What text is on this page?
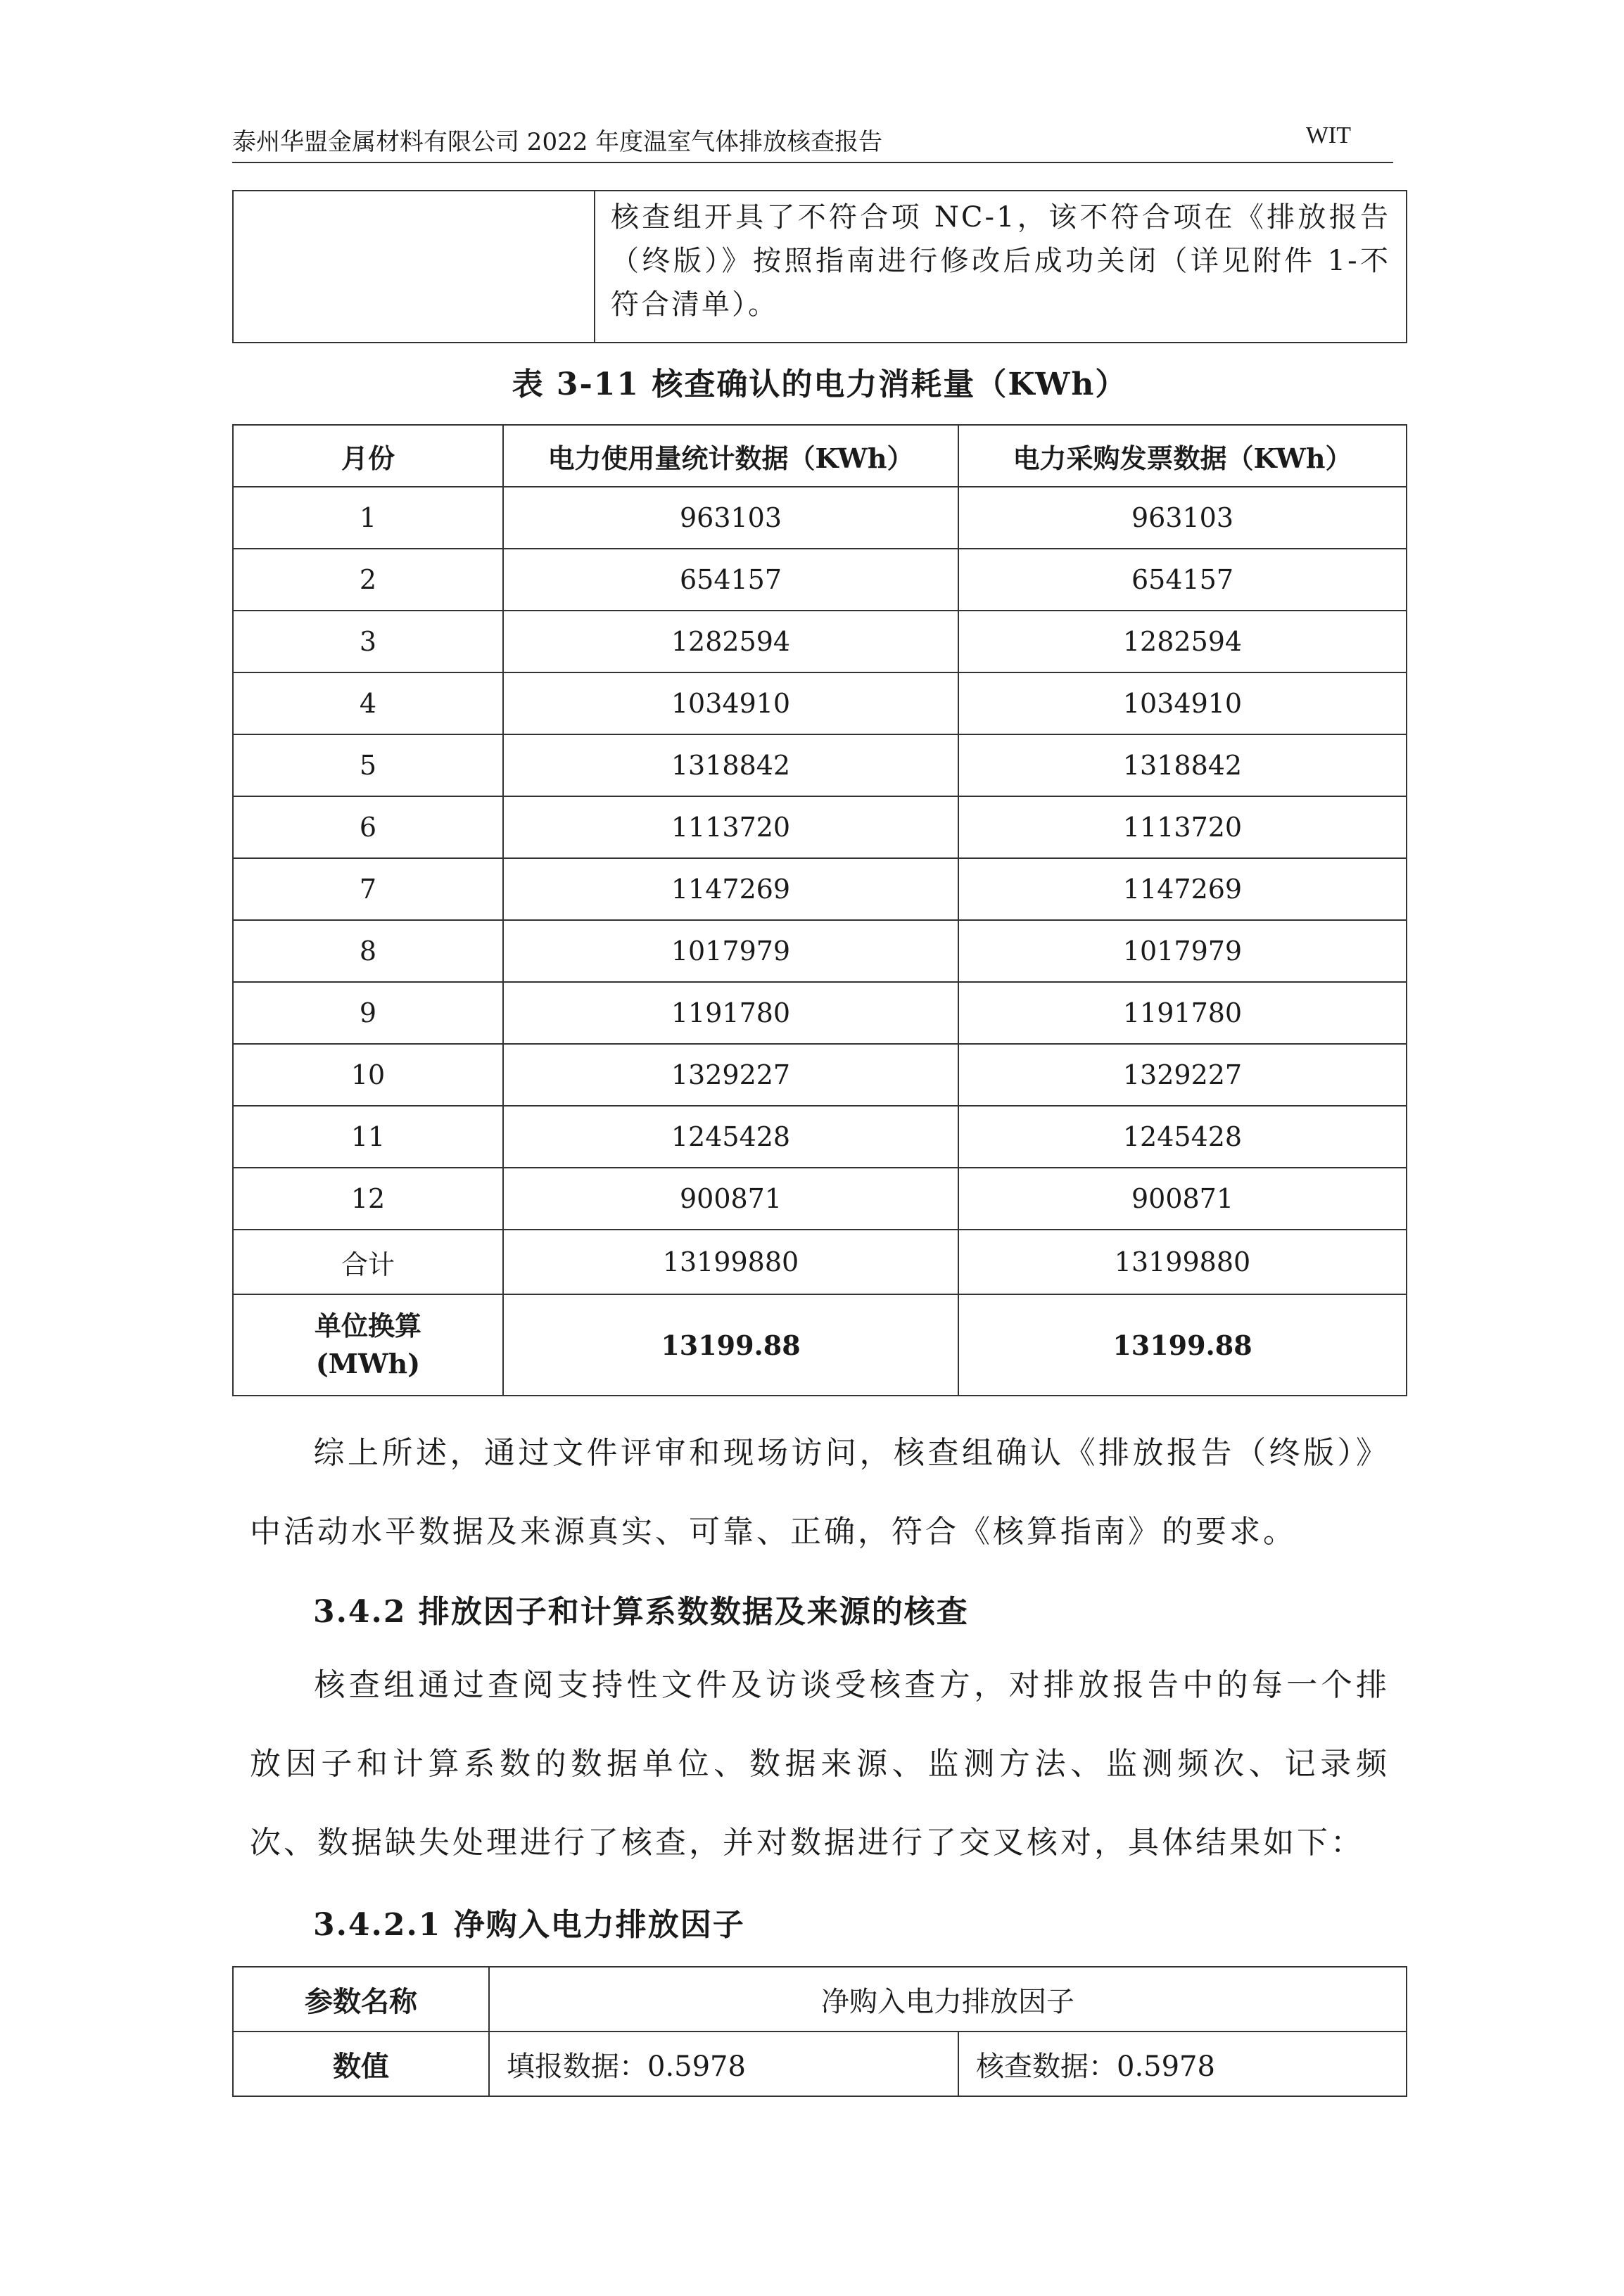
泰州华盟金属材料有限公司 2022 年度温室气体排放核查报告	WIT
	核查组开具了不符合项 NC-1，该不符合项在《排放报告（终版）》按照指南进行修改后成功关闭（详见附件 1-不符合清单）。
表 3-11 核查确认的电力消耗量（KWh）
月份	电力使用量统计数据（KWh）	电力采购发票数据（KWh）
1	963103	963103
2	654157	654157
3	1282594	1282594
4	1034910	1034910
5	1318842	1318842
6	1113720	1113720
7	1147269	1147269
8	1017979	1017979
9	1191780	1191780
10	1329227	1329227
11	1245428	1245428
12	900871	900871
合计	13199880	13199880

单位换算
(MWh)	13199.88	13199.88
综上所述，通过文件评审和现场访问，核查组确认《排放报告（终版）》中活动水平数据及来源真实、可靠、正确，符合《核算指南》的要求。
3.4.2 排放因子和计算系数数据及来源的核查
核查组通过查阅支持性文件及访谈受核查方，对排放报告中的每一个排放因子和计算系数的数据单位、数据来源、监测方法、监测频次、记录频次、数据缺失处理进行了核查，并对数据进行了交叉核对，具体结果如下：
3.4.2.1 净购入电力排放因子
参数名称	净购入电力排放因子	
数值	填报数据：0.5978	核查数据：0.5978
